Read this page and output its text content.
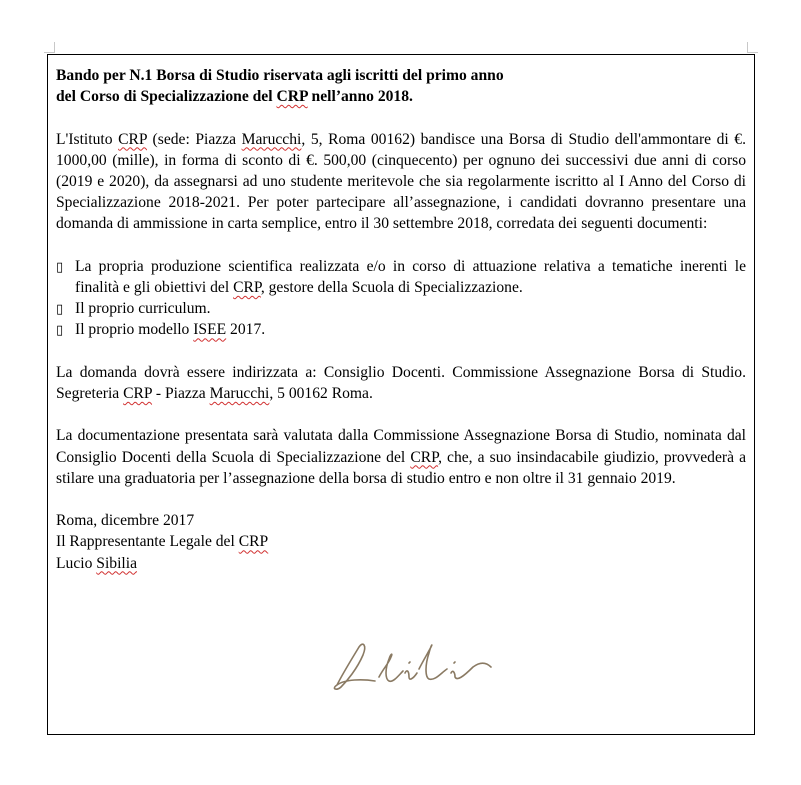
Bando per N.1 Borsa di Studio riservata agli iscritti del primo anno
del Corso di Specializzazione del CRP nell’anno 2018.

L'Istituto CRP (sede: Piazza Marucchi, 5, Roma 00162) bandisce una Borsa di Studio dell'ammontare di €. 1000,00 (mille), in forma di sconto di €. 500,00 (cinquecento) per ognuno dei successivi due anni di corso (2019 e 2020), da assegnarsi ad uno studente meritevole che sia regolarmente iscritto al I Anno del Corso di Specializzazione 2018-2021. Per poter partecipare all’assegnazione, i candidati dovranno presentare una domanda di ammissione in carta semplice, entro il 30 settembre 2018, corredata dei seguenti documenti:

▯ La propria produzione scientifica realizzata e/o in corso di attuazione relativa a tematiche inerenti le finalità e gli obiettivi del CRP, gestore della Scuola di Specializzazione.
▯ Il proprio curriculum.
▯ Il proprio modello ISEE 2017.

La domanda dovrà essere indirizzata a: Consiglio Docenti. Commissione Assegnazione Borsa di Studio. Segreteria CRP - Piazza Marucchi, 5 00162 Roma.

La documentazione presentata sarà valutata dalla Commissione Assegnazione Borsa di Studio, nominata dal Consiglio Docenti della Scuola di Specializzazione del CRP, che, a suo insindacabile giudizio, provvederà a stilare una graduatoria per l’assegnazione della borsa di studio entro e non oltre il 31 gennaio 2019.

Roma, dicembre 2017

Il Rappresentante Legale del CRP

Lucio Sibilia
